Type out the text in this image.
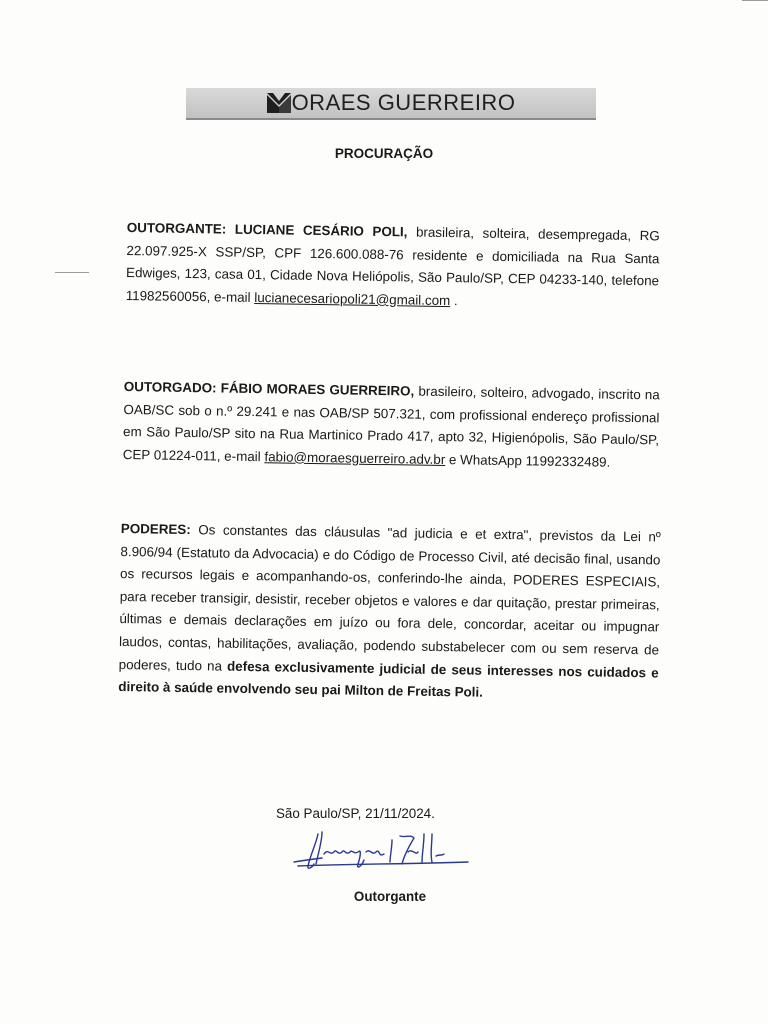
ORAES GUERREIRO
PROCURAÇÃO
OUTORGANTE: LUCIANE CESÁRIO POLI, brasileira, solteira, desempregada, RG 22.097.925-X SSP/SP, CPF 126.600.088-76 residente e domiciliada na Rua Santa Edwiges, 123, casa 01, Cidade Nova Heliópolis, São Paulo/SP, CEP 04233-140, telefone 11982560056, e-mail lucianecesariopoli21@gmail.com .
OUTORGADO: FÁBIO MORAES GUERREIRO, brasileiro, solteiro, advogado, inscrito na OAB/SC sob o n.º 29.241 e nas OAB/SP 507.321, com profissional endereço profissional em São Paulo/SP sito na Rua Martinico Prado 417, apto 32, Higienópolis, São Paulo/SP, CEP 01224-011, e-mail fabio@moraesguerreiro.adv.br e WhatsApp 11992332489.
PODERES: Os constantes das cláusulas "ad judicia e et extra", previstos da Lei nº 8.906/94 (Estatuto da Advocacia) e do Código de Processo Civil, até decisão final, usando os recursos legais e acompanhando-os, conferindo-lhe ainda, PODERES ESPECIAIS, para receber transigir, desistir, receber objetos e valores e dar quitação, prestar primeiras, últimas e demais declarações em juízo ou fora dele, concordar, aceitar ou impugnar laudos, contas, habilitações, avaliação, podendo substabelecer com ou sem reserva de poderes, tudo na defesa exclusivamente judicial de seus interesses nos cuidados e direito à saúde envolvendo seu pai Milton de Freitas Poli.
São Paulo/SP, 21/11/2024.
Outorgante
